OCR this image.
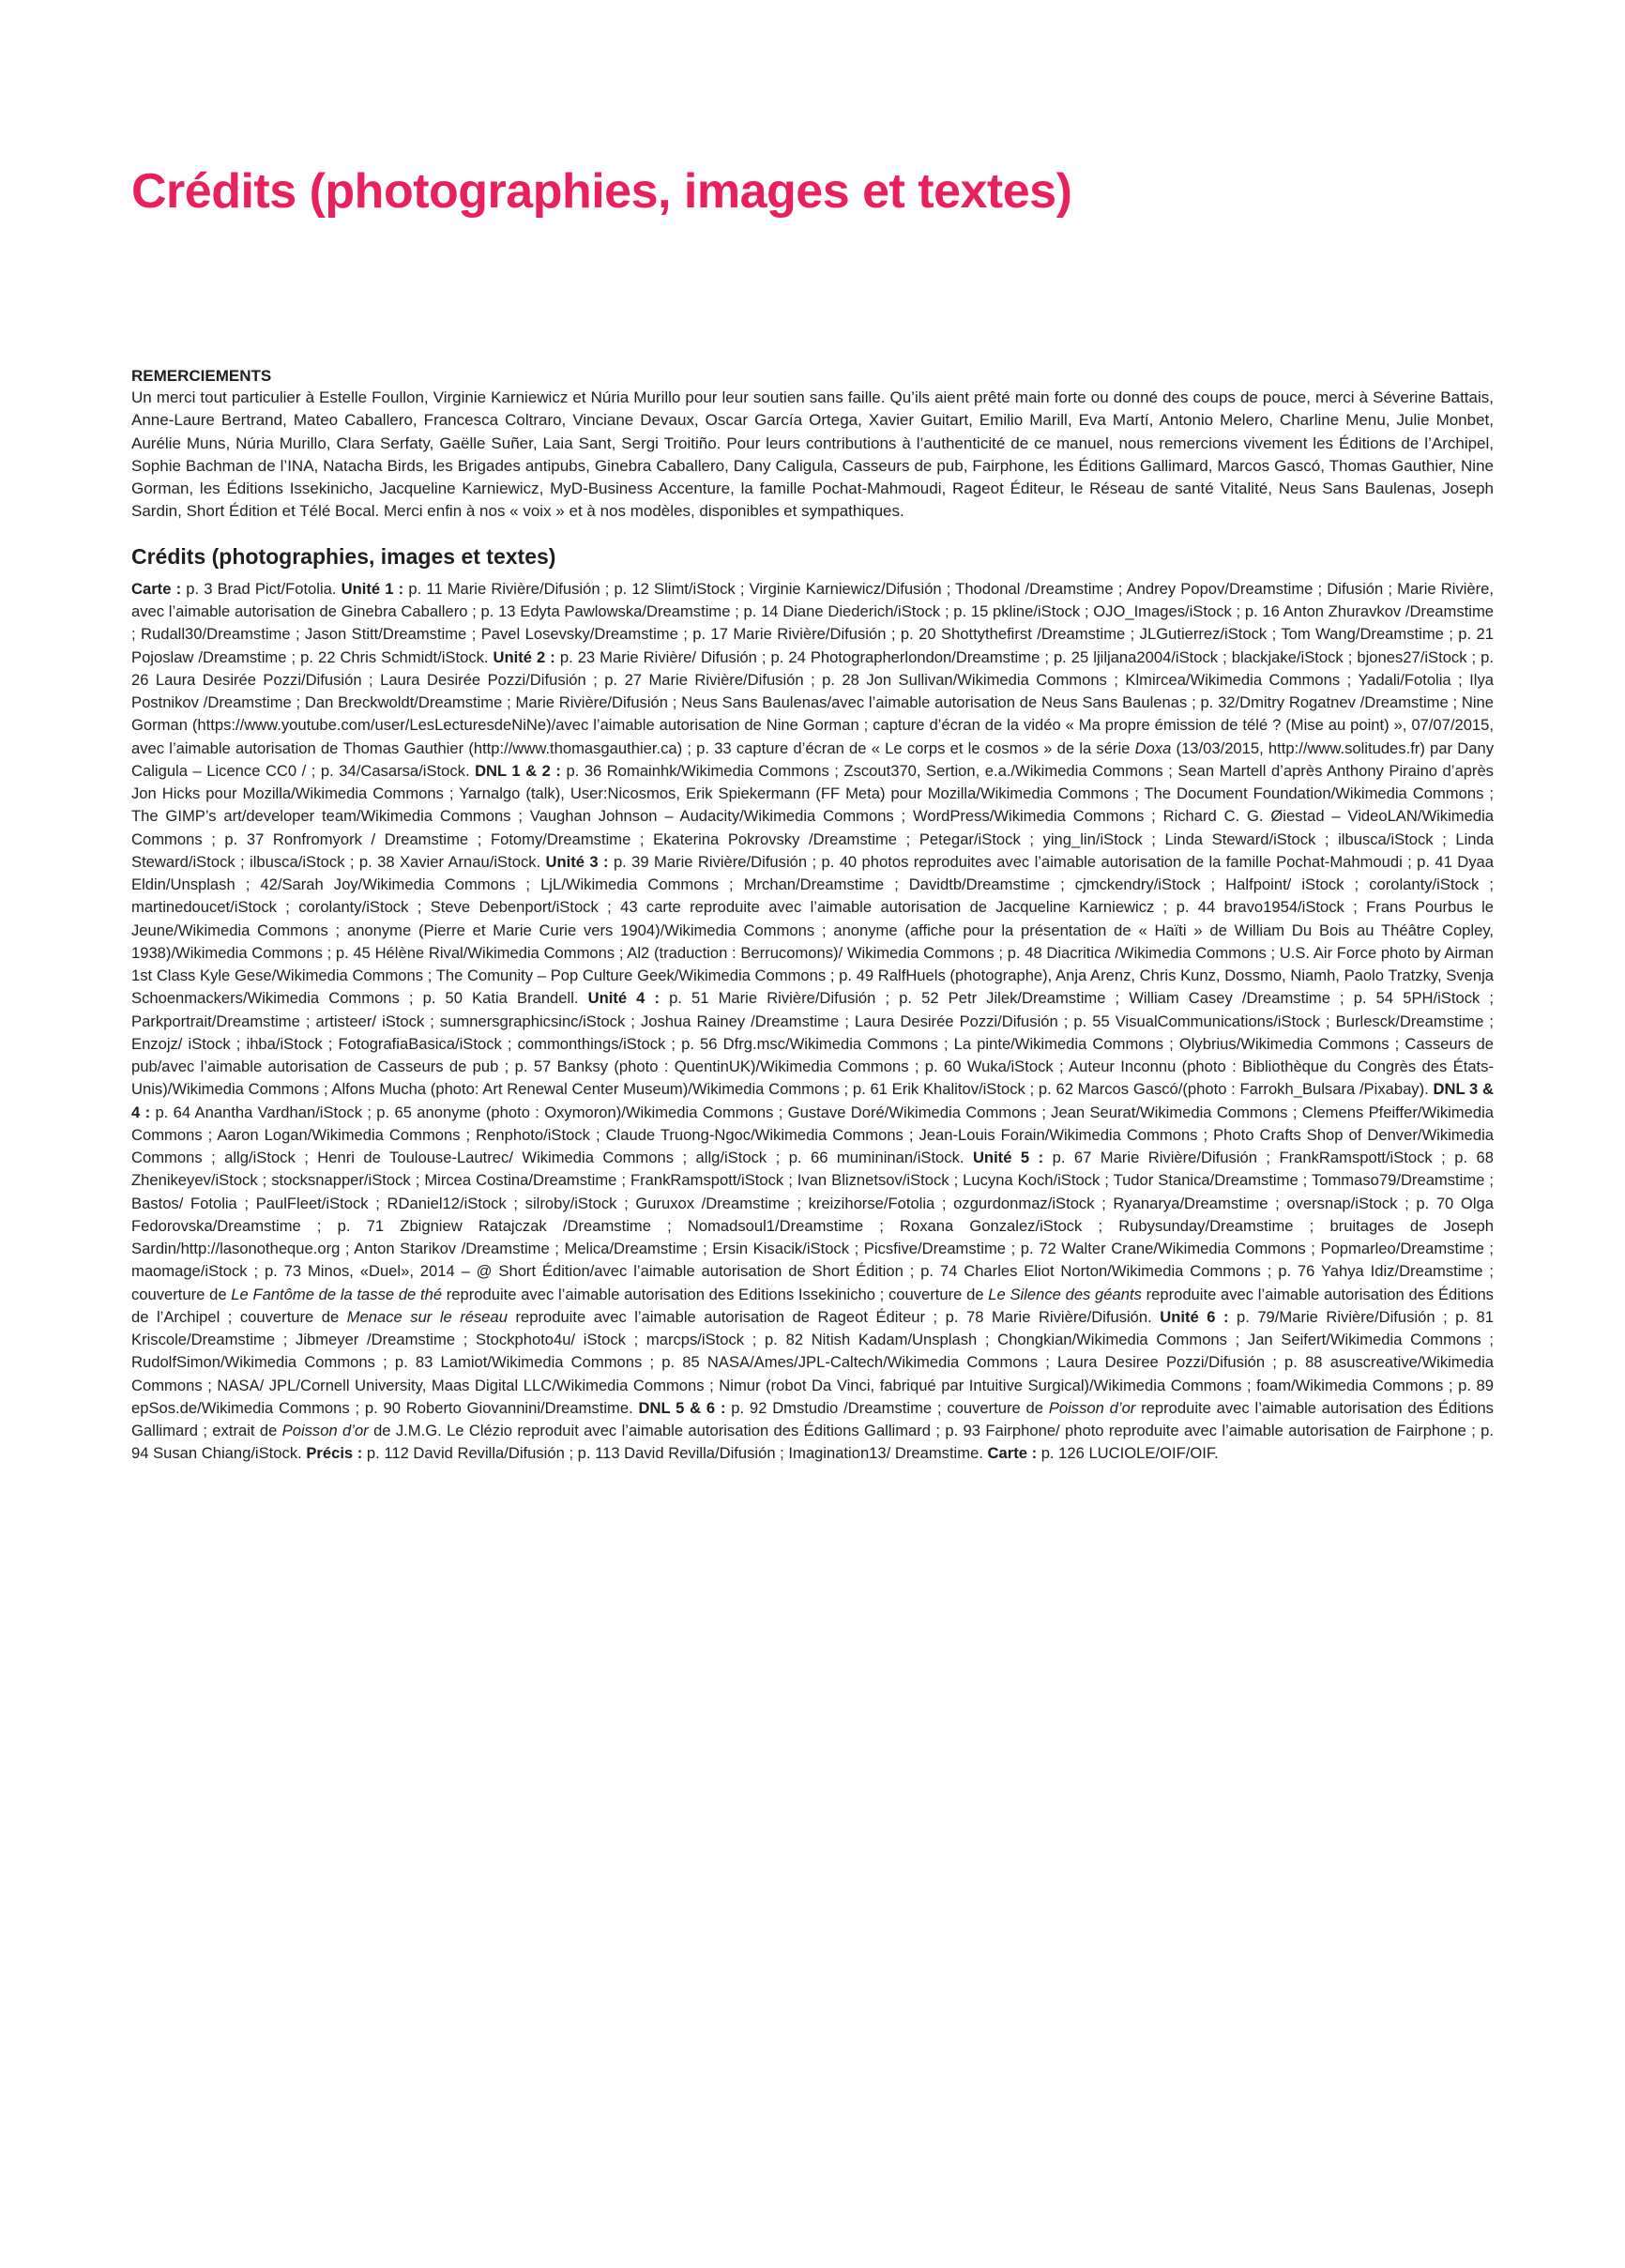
Crédits (photographies, images et textes)
REMERCIEMENTS

Un merci tout particulier à Estelle Foullon, Virginie Karniewicz et Núria Murillo pour leur soutien sans faille. Qu’ils aient prêté main forte ou donné des coups de pouce, merci à Séverine Battais, Anne-Laure Bertrand, Mateo Caballero, Francesca Coltraro, Vinciane Devaux, Oscar García Ortega, Xavier Guitart, Emilio Marill, Eva Martí, Antonio Melero, Charline Menu, Julie Monbet, Aurélie Muns, Núria Murillo, Clara Serfaty, Gaëlle Suñer, Laia Sant, Sergi Troitiño. Pour leurs contributions à l’authenticité de ce manuel, nous remercions vivement les Éditions de l’Archipel, Sophie Bachman de l’INA, Natacha Birds, les Brigades antipubs, Ginebra Caballero, Dany Caligula, Casseurs de pub, Fairphone, les Éditions Gallimard, Marcos Gascó, Thomas Gauthier, Nine Gorman, les Éditions Issekinicho, Jacqueline Karniewicz, MyD-Business Accenture, la famille Pochat-Mahmoudi, Rageot Éditeur, le Réseau de santé Vitalité, Neus Sans Baulenas, Joseph Sardin, Short Édition et Télé Bocal. Merci enfin à nos « voix » et à nos modèles, disponibles et sympathiques.

Crédits (photographies, images et textes)

Carte : p. 3 Brad Pict/Fotolia. Unité 1 : p. 11 Marie Rivière/Difusión ; p. 12 Slimt/iStock ; Virginie Karniewicz/Difusión ; Thodonal /Dreamstime ; Andrey Popov/Dreamstime ; Difusión ; Marie Rivière, avec l’aimable autorisation de Ginebra Caballero ; p. 13 Edyta Pawlowska/Dreamstime ; p. 14 Diane Diederich/iStock ; p. 15 pkline/iStock ; OJO_Images/iStock ; p. 16 Anton Zhuravkov /Dreamstime ; Rudall30/Dreamstime ; Jason Stitt/Dreamstime ; Pavel Losevsky/Dreamstime ; p. 17 Marie Rivière/Difusión ; p. 20 Shottythefirst /Dreamstime ; JLGutierrez/iStock ; Tom Wang/Dreamstime ; p. 21 Pojoslaw /Dreamstime ; p. 22 Chris Schmidt/iStock. Unité 2 : p. 23 Marie Rivière/ Difusión ; p. 24 Photographerlondon/Dreamstime ; p. 25 ljiljana2004/iStock ; blackjake/iStock ; bjones27/iStock ; p. 26 Laura Desirée Pozzi/Difusión ; Laura Desirée Pozzi/Difusión ; p. 27 Marie Rivière/Difusión ; p. 28 Jon Sullivan/Wikimedia Commons ; Klmircea/Wikimedia Commons ; Yadali/Fotolia ; Ilya Postnikov /Dreamstime ; Dan Breckwoldt/Dreamstime ; Marie Rivière/Difusión ; Neus Sans Baulenas/avec l’aimable autorisation de Neus Sans Baulenas ; p. 32/Dmitry Rogatnev /Dreamstime ; Nine Gorman (https://www.youtube.com/user/LesLecturesdeNiNe)/avec l’aimable autorisation de Nine Gorman ; capture d’écran de la vidéo « Ma propre émission de télé ? (Mise au point) », 07/07/2015, avec l’aimable autorisation de Thomas Gauthier (http://www.thomasgauthier.ca) ; p. 33 capture d’écran de « Le corps et le cosmos » de la série Doxa (13/03/2015, http://www.solitudes.fr) par Dany Caligula – Licence CC0 / ; p. 34/Casarsa/iStock. DNL 1 & 2 : p. 36 Romainhk/Wikimedia Commons ; Zscout370, Sertion, e.a./Wikimedia Commons ; Sean Martell d’après Anthony Piraino d’après Jon Hicks pour Mozilla/Wikimedia Commons ; Yarnalgo (talk), User:Nicosmos, Erik Spiekermann (FF Meta) pour Mozilla/Wikimedia Commons ; The Document Foundation/Wikimedia Commons ; The GIMP’s art/developer team/Wikimedia Commons ; Vaughan Johnson – Audacity/Wikimedia Commons ; WordPress/Wikimedia Commons ; Richard C. G. Øiestad – VideoLAN/Wikimedia Commons ; p. 37 Ronfromyork / Dreamstime ; Fotomy/Dreamstime ; Ekaterina Pokrovsky /Dreamstime ; Petegar/iStock ; ying_lin/iStock ; Linda Steward/iStock ; ilbusca/iStock ; Linda Steward/iStock ; ilbusca/iStock ; p. 38 Xavier Arnau/iStock. Unité 3 : p. 39 Marie Rivière/Difusión ; p. 40 photos reproduites avec l’aimable autorisation de la famille Pochat-Mahmoudi ; p. 41 Dyaa Eldin/Unsplash ; 42/Sarah Joy/Wikimedia Commons ; LjL/Wikimedia Commons ; Mrchan/Dreamstime ; Davidtb/Dreamstime ; cjmckendry/iStock ; Halfpoint/ iStock ; corolanty/iStock ; martinedoucet/iStock ; corolanty/iStock ; Steve Debenport/iStock ; 43 carte reproduite avec l’aimable autorisation de Jacqueline Karniewicz ; p. 44 bravo1954/iStock ; Frans Pourbus le Jeune/Wikimedia Commons ; anonyme (Pierre et Marie Curie vers 1904)/Wikimedia Commons ; anonyme (affiche pour la présentation de « Haïti » de William Du Bois au Théâtre Copley, 1938)/Wikimedia Commons ; p. 45 Hélène Rival/Wikimedia Commons ; Al2 (traduction : Berrucomons)/ Wikimedia Commons ; p. 48 Diacritica /Wikimedia Commons ; U.S. Air Force photo by Airman 1st Class Kyle Gese/Wikimedia Commons ; The Comunity – Pop Culture Geek/Wikimedia Commons ; p. 49 RalfHuels (photographe), Anja Arenz, Chris Kunz, Dossmo, Niamh, Paolo Tratzky, Svenja Schoenmackers/Wikimedia Commons ; p. 50 Katia Brandell. Unité 4 : p. 51 Marie Rivière/Difusión ; p. 52 Petr Jilek/Dreamstime ; William Casey /Dreamstime ; p. 54 5PH/iStock ; Parkportrait/Dreamstime ; artisteer/ iStock ; sumnersgraphicsinc/iStock ; Joshua Rainey /Dreamstime ; Laura Desirée Pozzi/Difusión ; p. 55 VisualCommunications/iStock ; Burlesck/Dreamstime ; Enzojz/ iStock ; ihba/iStock ; FotografiaBasica/iStock ; commonthings/iStock ; p. 56 Dfrg.msc/Wikimedia Commons ; La pinte/Wikimedia Commons ; Olybrius/Wikimedia Commons ; Casseurs de pub/avec l’aimable autorisation de Casseurs de pub ; p. 57 Banksy (photo : QuentinUK)/Wikimedia Commons ; p. 60 Wuka/iStock ; Auteur Inconnu (photo : Bibliothèque du Congrès des États-Unis)/Wikimedia Commons ; Alfons Mucha (photo: Art Renewal Center Museum)/Wikimedia Commons ; p. 61 Erik Khalitov/iStock ; p. 62 Marcos Gascó/(photo : Farrokh_Bulsara /Pixabay). DNL 3 & 4 : p. 64 Anantha Vardhan/iStock ; p. 65 anonyme (photo : Oxymoron)/Wikimedia Commons ; Gustave Doré/Wikimedia Commons ; Jean Seurat/Wikimedia Commons ; Clemens Pfeiffer/Wikimedia Commons ; Aaron Logan/Wikimedia Commons ; Renphoto/iStock ; Claude Truong-Ngoc/Wikimedia Commons ; Jean-Louis Forain/Wikimedia Commons ; Photo Crafts Shop of Denver/Wikimedia Commons ; allg/iStock ; Henri de Toulouse-Lautrec/ Wikimedia Commons ; allg/iStock ; p. 66 mumininan/iStock. Unité 5 : p. 67 Marie Rivière/Difusión ; FrankRamspott/iStock ; p. 68 Zhenikeyev/iStock ; stocksnapper/iStock ; Mircea Costina/Dreamstime ; FrankRamspott/iStock ; Ivan Bliznetsov/iStock ; Lucyna Koch/iStock ; Tudor Stanica/Dreamstime ; Tommaso79/Dreamstime ; Bastos/ Fotolia ; PaulFleet/iStock ; RDaniel12/iStock ; silroby/iStock ; Guruxox /Dreamstime ; kreizihorse/Fotolia ; ozgurdonmaz/iStock ; Ryanarya/Dreamstime ; oversnap/iStock ; p. 70 Olga Fedorovska/Dreamstime ; p. 71 Zbigniew Ratajczak /Dreamstime ; Nomadsoul1/Dreamstime ; Roxana Gonzalez/iStock ; Rubysunday/Dreamstime ; bruitages de Joseph Sardin/http://lasonotheque.org ; Anton Starikov /Dreamstime ; Melica/Dreamstime ; Ersin Kisacik/iStock ; Picsfive/Dreamstime ; p. 72 Walter Crane/Wikimedia Commons ; Popmarleo/Dreamstime ; maomage/iStock ; p. 73 Minos, «Duel», 2014 – @ Short Édition/avec l’aimable autorisation de Short Édition ; p. 74 Charles Eliot Norton/Wikimedia Commons ; p. 76 Yahya Idiz/Dreamstime ; couverture de Le Fantôme de la tasse de thé reproduite avec l’aimable autorisation des Editions Issekinicho ; couverture de Le Silence des géants reproduite avec l’aimable autorisation des Éditions de l’Archipel ; couverture de Menace sur le réseau reproduite avec l’aimable autorisation de Rageot Éditeur ; p. 78 Marie Rivière/Difusión. Unité 6 : p. 79/Marie Rivière/Difusión ; p. 81 Kriscole/Dreamstime ; Jibmeyer /Dreamstime ; Stockphoto4u/ iStock ; marcps/iStock ; p. 82 Nitish Kadam/Unsplash ; Chongkian/Wikimedia Commons ; Jan Seifert/Wikimedia Commons ; RudolfSimon/Wikimedia Commons ; p. 83 Lamiot/Wikimedia Commons ; p. 85 NASA/Ames/JPL-Caltech/Wikimedia Commons ; Laura Desiree Pozzi/Difusión ; p. 88 asuscreative/Wikimedia Commons ; NASA/ JPL/Cornell University, Maas Digital LLC/Wikimedia Commons ; Nimur (robot Da Vinci, fabriqué par Intuitive Surgical)/Wikimedia Commons ; foam/Wikimedia Commons ; p. 89 epSos.de/Wikimedia Commons ; p. 90 Roberto Giovannini/Dreamstime. DNL 5 & 6 : p. 92 Dmstudio /Dreamstime ; couverture de Poisson d’or reproduite avec l’aimable autorisation des Éditions Gallimard ; extrait de Poisson d’or de J.M.G. Le Clézio reproduit avec l’aimable autorisation des Éditions Gallimard ; p. 93 Fairphone/ photo reproduite avec l’aimable autorisation de Fairphone ; p. 94 Susan Chiang/iStock. Précis : p. 112 David Revilla/Difusión ; p. 113 David Revilla/Difusión ; Imagination13/ Dreamstime. Carte : p. 126 LUCIOLE/OIF/OIF.
